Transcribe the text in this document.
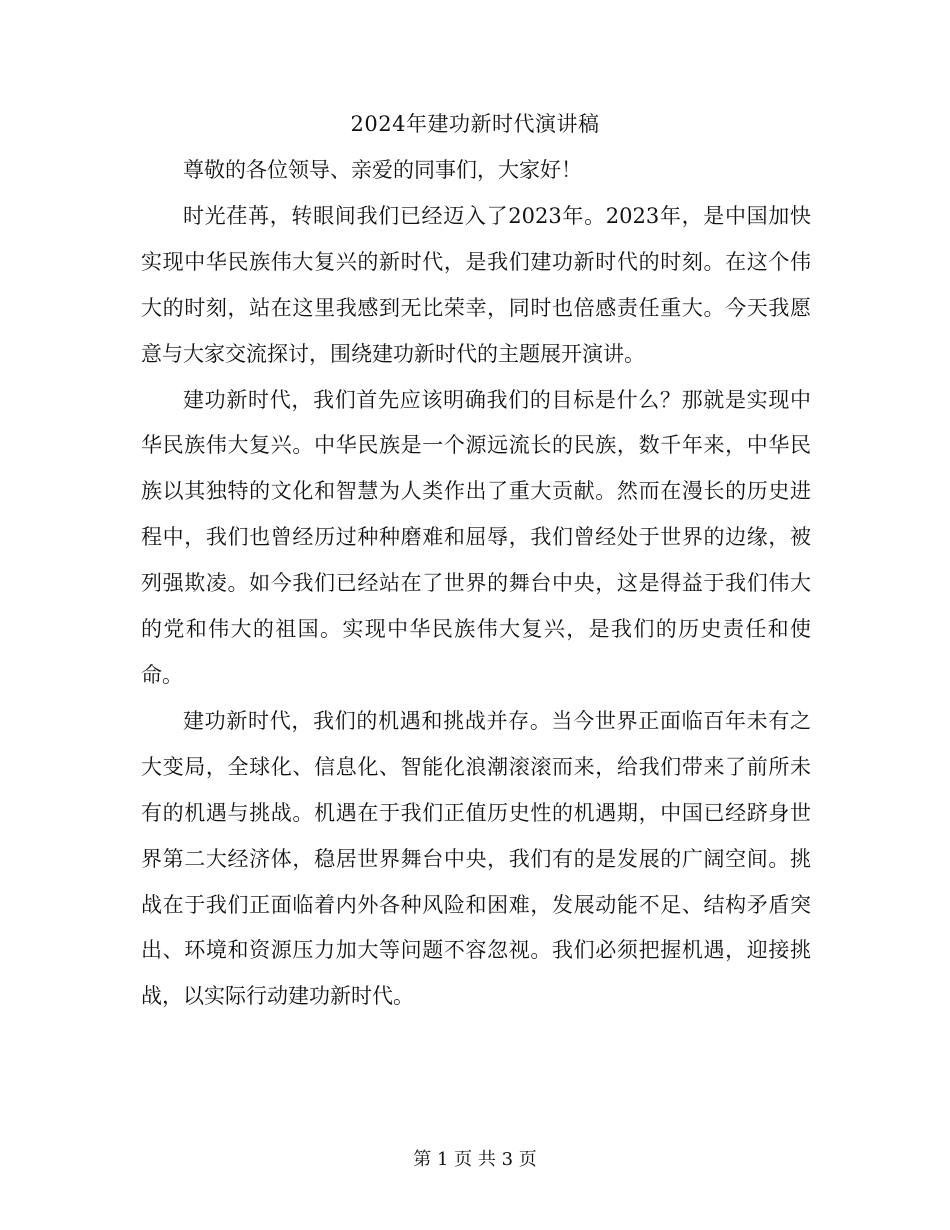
2024年建功新时代演讲稿

尊敬的各位领导、亲爱的同事们，大家好！

时光荏苒，转眼间我们已经迈入了2023年。2023年，是中国加快实现中华民族伟大复兴的新时代，是我们建功新时代的时刻。在这个伟大的时刻，站在这里我感到无比荣幸，同时也倍感责任重大。今天我愿意与大家交流探讨，围绕建功新时代的主题展开演讲。

建功新时代，我们首先应该明确我们的目标是什么？那就是实现中华民族伟大复兴。中华民族是一个源远流长的民族，数千年来，中华民族以其独特的文化和智慧为人类作出了重大贡献。然而在漫长的历史进程中，我们也曾经历过种种磨难和屈辱，我们曾经处于世界的边缘，被列强欺凌。如今我们已经站在了世界的舞台中央，这是得益于我们伟大的党和伟大的祖国。实现中华民族伟大复兴，是我们的历史责任和使命。

建功新时代，我们的机遇和挑战并存。当今世界正面临百年未有之大变局，全球化、信息化、智能化浪潮滚滚而来，给我们带来了前所未有的机遇与挑战。机遇在于我们正值历史性的机遇期，中国已经跻身世界第二大经济体，稳居世界舞台中央，我们有的是发展的广阔空间。挑战在于我们正面临着内外各种风险和困难，发展动能不足、结构矛盾突出、环境和资源压力加大等问题不容忽视。我们必须把握机遇，迎接挑战，以实际行动建功新时代。

第 1 页 共 3 页
